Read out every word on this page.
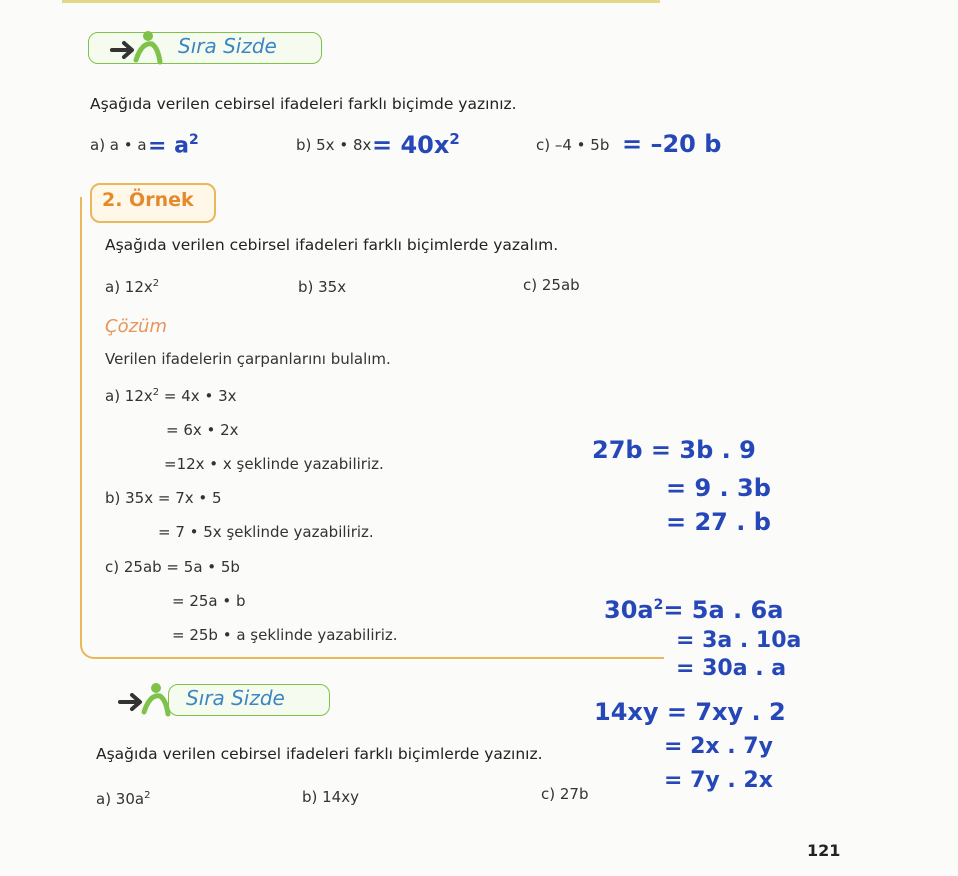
Sıra Sizde
Aşağıda verilen cebirsel ifadeleri farklı biçimde yazınız.
a) a • $a = a^2$	b) 5x • $8x = 40x^2$	c) –4 • 5b = –20 b
2. Örnek
Aşağıda verilen cebirsel ifadeleri farklı biçimlerde yazalım.
a) $12x^2$	b) 35x	c) 25ab
Çözüm
Verilen ifadelerin çarpanlarını bulalım.
a) $12x^2 = 4x$ • 3x
= 6x • 2x
=12x • x şeklinde yazabiliriz.
b) 35x = 7x • 5
= 7 • 5x şeklinde yazabiliriz.
c) 25ab = 5a • 5b
= 25a • b
= 25b • a şeklinde yazabiliriz.
Sıra Sizde
Aşağıda verilen cebirsel ifadeleri farklı biçimlerde yazınız.
a) $30a^2$	b) 14xy	c) 27b
27b = 3b . 9
= 9 . 3b
= 27 . b
$30a^2= 5a$ . 6a
= 3a . 10a
= 30a . a
14xy = 7xy . 2
= 2x . 7y
= 7y . 2x
121
